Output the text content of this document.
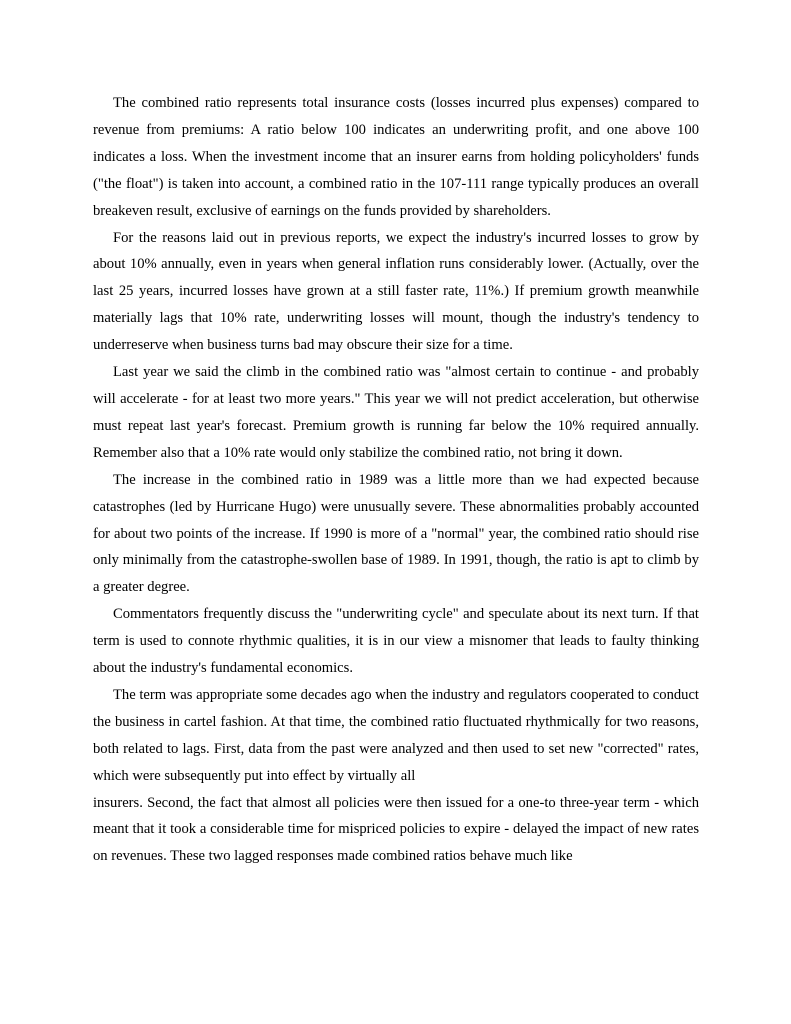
The combined ratio represents total insurance costs (losses incurred plus expenses) compared to revenue from premiums: A ratio below 100 indicates an underwriting profit, and one above 100 indicates a loss. When the investment income that an insurer earns from holding policyholders' funds ("the float") is taken into account, a combined ratio in the 107-111 range typically produces an overall breakeven result, exclusive of earnings on the funds provided by shareholders.

For the reasons laid out in previous reports, we expect the industry's incurred losses to grow by about 10% annually, even in years when general inflation runs considerably lower. (Actually, over the last 25 years, incurred losses have grown at a still faster rate, 11%.) If premium growth meanwhile materially lags that 10% rate, underwriting losses will mount, though the industry's tendency to underreserve when business turns bad may obscure their size for a time.

Last year we said the climb in the combined ratio was "almost certain to continue - and probably will accelerate - for at least two more years." This year we will not predict acceleration, but otherwise must repeat last year's forecast. Premium growth is running far below the 10% required annually. Remember also that a 10% rate would only stabilize the combined ratio, not bring it down.

The increase in the combined ratio in 1989 was a little more than we had expected because catastrophes (led by Hurricane Hugo) were unusually severe. These abnormalities probably accounted for about two points of the increase. If 1990 is more of a "normal" year, the combined ratio should rise only minimally from the catastrophe-swollen base of 1989. In 1991, though, the ratio is apt to climb by a greater degree.

Commentators frequently discuss the "underwriting cycle" and speculate about its next turn. If that term is used to connote rhythmic qualities, it is in our view a misnomer that leads to faulty thinking about the industry's fundamental economics.

The term was appropriate some decades ago when the industry and regulators cooperated to conduct the business in cartel fashion. At that time, the combined ratio fluctuated rhythmically for two reasons, both related to lags. First, data from the past were analyzed and then used to set new "corrected" rates, which were subsequently put into effect by virtually all

insurers. Second, the fact that almost all policies were then issued for a one-to three-year term - which meant that it took a considerable time for mispriced policies to expire - delayed the impact of new rates on revenues. These two lagged responses made combined ratios behave much like
